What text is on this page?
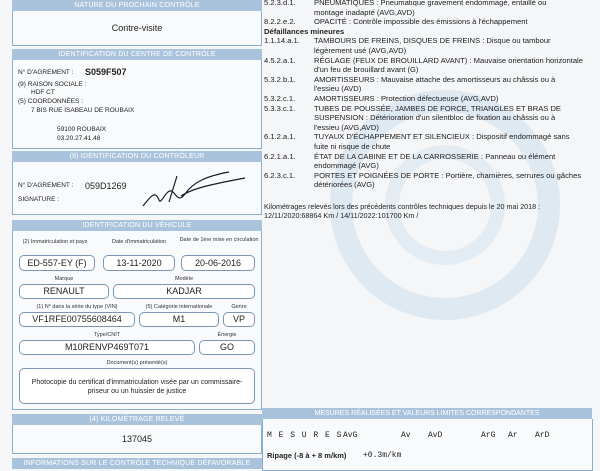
NATURE DU PROCHAIN CONTRÔLE
Contre-visite
IDENTIFICATION DU CENTRE DE CONTRÔLE
N° D'AGREMENT : S059F507
(9) RAISON SOCIALE :
HDF CT
(5) COORDONNÉES :
7 BIS RUE ISABEAU DE ROUBAIX
59100 ROUBAIX
03.20.27.41.48
(9) IDENTIFICATION DU CONTRÔLEUR
N° D'AGREMENT : 059D1269
SIGNATURE :
IDENTIFICATION DU VÉHICULE
(2) Immatriculation et pays	Date d'immatriculation	Date de 1ère mise en circulation
ED-557-EY (F)	13-11-2020	20-06-2016
Marque	Modèle
RENAULT	KADJAR
(1) N° dans la série du type (VIN)	(5) Catégorie internationale	Genre
VF1RFE00755608464	M1	VP
Type/CNIT	Énergie
M10RENVP469T071	GO
Document(s) présenté(s)
Photocopie du certificat d'immatriculation visée par un commissaire-priseur ou un huissier de justice
(4) KILOMÉTRAGE RELEVÉ
137045
INFORMATIONS SUR LE CONTRÔLE TECHNIQUE DÉFAVORABLE
5.2.3.d.1. PNEUMATIQUES : Pneumatique gravement endommagé, entaillé ou
montage inadapté (AVG,AVD)
8.2.2.e.2. OPACITÉ : Contrôle impossible des émissions à l'échappement
Défaillances mineures
1.1.14.a.1. TAMBOURS DE FREINS, DISQUES DE FREINS : Disque ou tambour
légèrement usé (AVG,AVD)
4.5.2.a.1. RÉGLAGE (FEUX DE BROUILLARD AVANT) : Mauvaise orientation horizontale
d'un feu de brouillard avant (G)
5.3.2.b.1. AMORTISSEURS : Mauvaise attache des amortisseurs au châssis ou à
l'essieu (AVD)
5.3.2.c.1. AMORTISSEURS : Protection défectueuse (AVG,AVD)
5.3.3.c.1. TUBES DE POUSSÉE, JAMBES DE FORCE, TRIANGLES ET BRAS DE
SUSPENSION : Détérioration d'un silentbloc de fixation au châssis ou à
l'essieu (AVG,AVD)
6.1.2.a.1. TUYAUX D'ÉCHAPPEMENT ET SILENCIEUX : Dispositif endommagé sans
fuite ni risque de chute
6.2.1.a.1. ÉTAT DE LA CABINE ET DE LA CARROSSERIE : Panneau ou élément
endommagé (AVG)
6.2.3.c.1. PORTES ET POIGNÉES DE PORTE : Portière, charnières, serrures ou gâches
détériorées (AVG)
Kilométrages relevés lors des précédents contrôles techniques depuis le 20 mai 2018 :
12/11/2020:68864 Km / 14/11/2022:101700 Km /
MESURES RÉALISÉES ET VALEURS LIMITES CORRESPONDANTES
M E S U R E S AvG	Av AvD	ArG Ar ArD
Ripage (-8 à + 8 m/km) +0.3m/km
